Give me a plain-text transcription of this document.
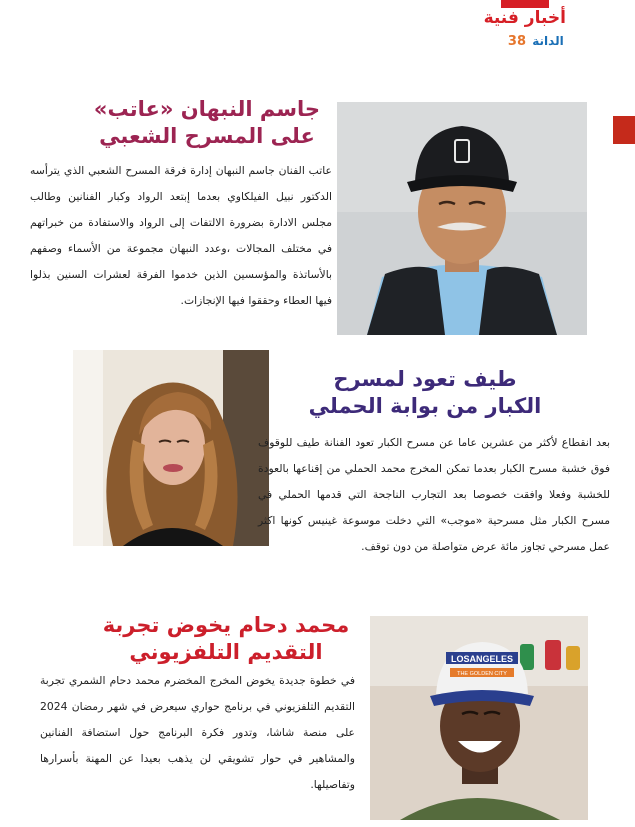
أخبار فنية
الدانة
38
جاسم النبهان «عاتب»
على المسرح الشعبي
عاتب الفنان جاسم النبهان إدارة فرقة المسرح الشعبي الذي يترأسه الدكتور نبيل الفيلكاوي بعدما إبتعد الرواد وكبار الفنانين وطالب مجلس الادارة بضرورة الالتفات إلى الرواد والاستفادة من خبراتهم في مختلف المجالات ،وعدد النبهان مجموعة من الأسماء وصفهم بالأساتذة والمؤسسين الذين خدموا الفرقة لعشرات السنين بذلوا فيها العطاء وحققوا فيها الإنجازات.
طيف تعود لمسرح
الكبار من بوابة الحملي
بعد انقطاع لأكثر من عشرين عاما عن مسرح الكبار تعود الفنانة طيف للوقوف فوق خشبة مسرح الكبار بعدما تمكن المخرج محمد الحملي من إقناعها بالعودة للخشبة وفعلا وافقت خصوصا بعد التجارب الناجحة التي قدمها الحملي في مسرح الكبار مثل مسرحية «موجب» التي دخلت موسوعة غينيس كونها اكثر عمل مسرحي تجاوز مائة عرض متواصلة من دون توقف.
محمد دحام يخوض تجربة
التقديم التلفزيوني
في خطوة جديدة يخوض المخرج المخضرم محمد دحام الشمري تجربة التقديم التلفزيوني في برنامج حواري سيعرض في شهر رمضان 2024 على منصة شاشا، وتدور فكرة البرنامج حول استضافة الفنانين والمشاهير في حوار تشويقي لن يذهب بعيدا عن المهنة بأسرارها وتفاصيلها.
LOSANGELES
THE GOLDEN CITY
